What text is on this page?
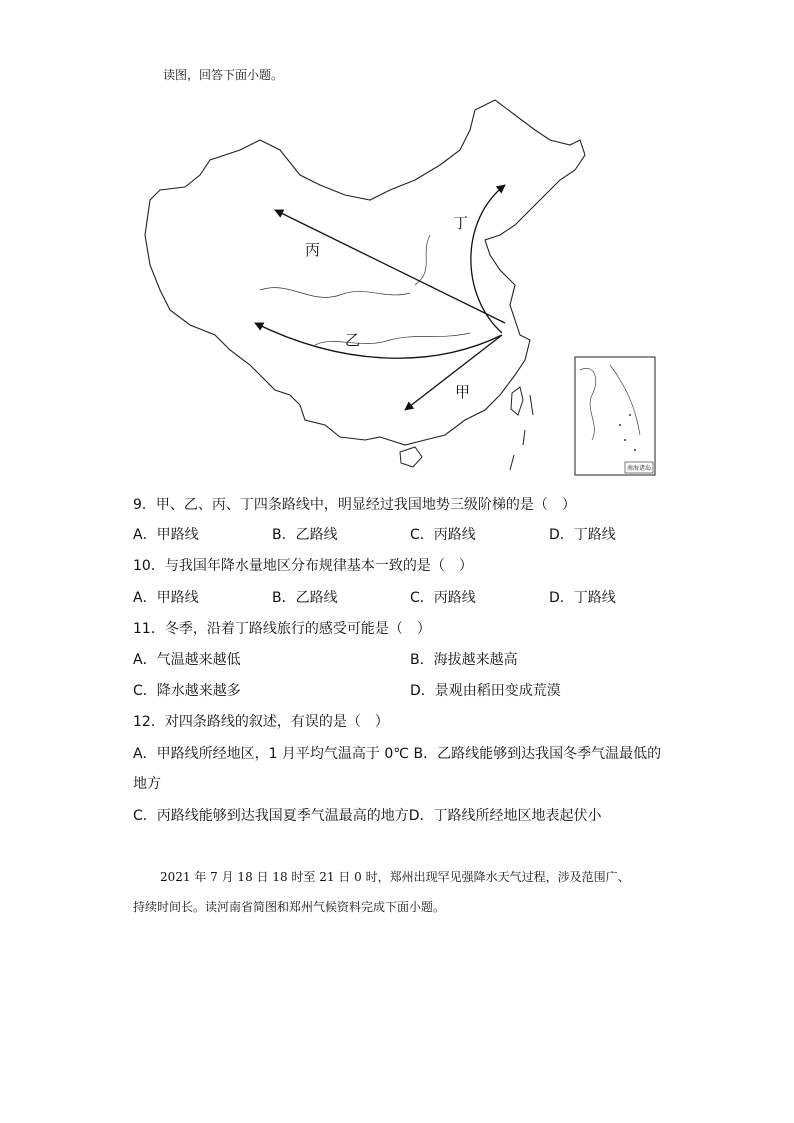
读图，回答下面小题。
丙
乙
甲
丁
南海诸岛
9．甲、乙、丙、丁四条路线中，明显经过我国地势三级阶梯的是（　）
A．甲路线	B．乙路线	C．丙路线	D．丁路线
10．与我国年降水量地区分布规律基本一致的是（　）
A．甲路线	B．乙路线	C．丙路线	D．丁路线
11．冬季，沿着丁路线旅行的感受可能是（　）
A．气温越来越低	B．海拔越来越高
C．降水越来越多	D．景观由稻田变成荒漠
12．对四条路线的叙述，有误的是（　）
A．甲路线所经地区，1 月平均气温高于 0℃ B．乙路线能够到达我国冬季气温最低的
地方
C．丙路线能够到达我国夏季气温最高的地方D．丁路线所经地区地表起伏小
2021 年 7 月 18 日 18 时至 21 日 0 时，郑州出现罕见强降水天气过程，涉及范围广、
持续时间长。读河南省简图和郑州气候资料完成下面小题。
